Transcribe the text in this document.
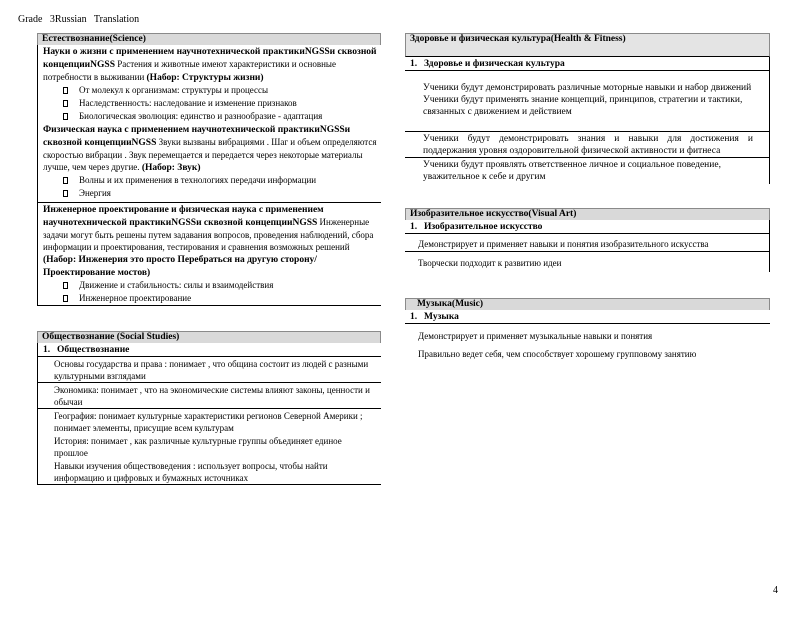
Grade 3Russian Translation
Естествознание(Science)

Науки о жизни с применением научнотехнической практикиNGSSи сквозной концепцииNGSS Растения и животные имеют характеристики и основные потребности в выживании (Набор: Структуры жизни)

От молекул к организмам: структуры и процессы
Наследственность: наследование и изменение признаков
Биологическая эволюция: единство и разнообразие - адаптация

Физическая наука с применением научнотехнической практикиNGSSи сквозной концепцииNGSS Звуки вызваны вибрациями . Шаг и объем определяются скоростью вибрации . Звук перемещается и передается через некоторые материалы лучше, чем через другие. (Набор: Звук)

Волны и их применения в технологиях передачи информации
Энергия

Инженерное проектирование и физическая наука с применением научнотехнической практикиNGSSи сквозной концепцииNGSS Инженерные задачи могут быть решены путем задавания вопросов, проведения наблюдений, сбора информации и проектирования, тестирования и сравнения возможных решений (Набор: Инженерия это просто Перебраться на другую сторону/Проектирование мостов)

Движение и стабильность: силы и взаимодействия
Инженерное проектирование
Обществознание (Social Studies)
1. Обществознание
Основы государства и права : понимает , что община состоит из людей с разными культурными взглядами
Экономика: понимает , что на экономические системы влияют законы, ценности и обычаи
География: понимает культурные характеристики регионов Северной Америки ; понимает элементы, присущие всем культурам
История: понимает , как различные культурные группы объединяет единое прошлое
Навыки изучения обществоведения : использует вопросы, чтобы найти информацию и цифровых и бумажных источниках
Здоровье и физическая культура(Health & Fitness)
1. Здоровье и физическая культура
Ученики будут демонстрировать различные моторные навыки и набор движений
Ученики будут применять знание концепций, принципов, стратегии и тактики, связанных с движением и действием
Ученики будут демонстрировать знания и навыки для достижения и поддержания уровня оздоровительной физической активности и фитнеса
Ученики будут проявлять ответственное личное и социальное поведение, уважительное к себе и другим
Изобразительное искусство(Visual Art)
1. Изобразительное искусство
Демонстрирует и применяет навыки и понятия изобразительного искусства
Творчески подходит к развитию идеи
Музыка(Music)
1. Музыка
Демонстрирует и применяет музыкальные навыки и понятия
Правильно ведет себя, чем способствует хорошему групповому занятию
4
